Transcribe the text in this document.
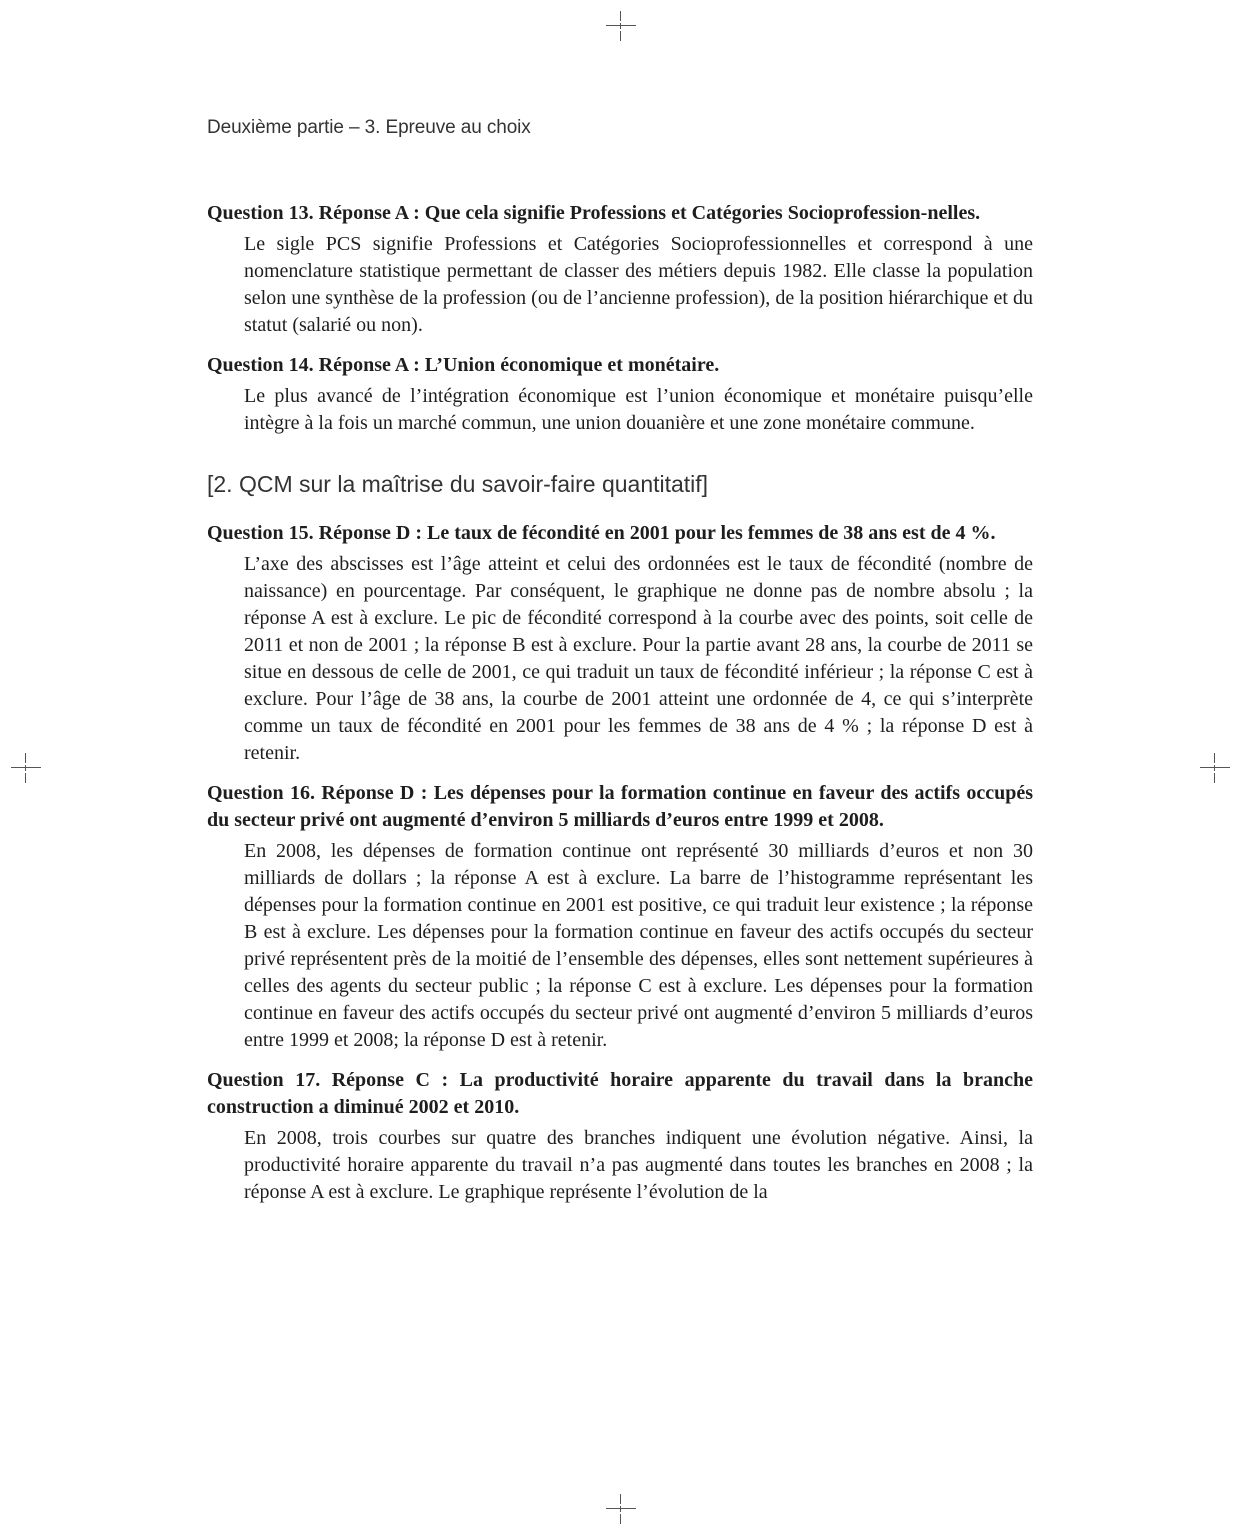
Deuxième partie – 3. Epreuve au choix

Question 13. Réponse A : Que cela signifie Professions et Catégories Socioprofession-nelles.

Le sigle PCS signifie Professions et Catégories Socioprofessionnelles et correspond à une nomenclature statistique permettant de classer des métiers depuis 1982. Elle classe la population selon une synthèse de la profession (ou de l’ancienne profession), de la position hiérarchique et du statut (salarié ou non).

Question 14. Réponse A : L’Union économique et monétaire.

Le plus avancé de l’intégration économique est l’union économique et monétaire puisqu’elle intègre à la fois un marché commun, une union douanière et une zone monétaire commune.

[2. QCM sur la maîtrise du savoir-faire quantitatif]

Question 15. Réponse D : Le taux de fécondité en 2001 pour les femmes de 38 ans est de 4 %.

L’axe des abscisses est l’âge atteint et celui des ordonnées est le taux de fécondité (nombre de naissance) en pourcentage. Par conséquent, le graphique ne donne pas de nombre absolu ; la réponse A est à exclure. Le pic de fécondité correspond à la courbe avec des points, soit celle de 2011 et non de 2001 ; la réponse B est à exclure. Pour la partie avant 28 ans, la courbe de 2011 se situe en dessous de celle de 2001, ce qui traduit un taux de fécondité inférieur ; la réponse C est à exclure. Pour l’âge de 38 ans, la courbe de 2001 atteint une ordonnée de 4, ce qui s’interprète comme un taux de fécondité en 2001 pour les femmes de 38 ans de 4 % ; la réponse D est à retenir.

Question 16. Réponse D : Les dépenses pour la formation continue en faveur des actifs occupés du secteur privé ont augmenté d’environ 5 milliards d’euros entre 1999 et 2008.

En 2008, les dépenses de formation continue ont représenté 30 milliards d’euros et non 30 milliards de dollars ; la réponse A est à exclure. La barre de l’histogramme représentant les dépenses pour la formation continue en 2001 est positive, ce qui traduit leur existence ; la réponse B est à exclure. Les dépenses pour la formation continue en faveur des actifs occupés du secteur privé représentent près de la moitié de l’ensemble des dépenses, elles sont nettement supérieures à celles des agents du secteur public ; la réponse C est à exclure. Les dépenses pour la formation continue en faveur des actifs occupés du secteur privé ont augmenté d’environ 5 milliards d’euros entre 1999 et 2008; la réponse D est à retenir.

Question 17. Réponse C : La productivité horaire apparente du travail dans la branche construction a diminué 2002 et 2010.

En 2008, trois courbes sur quatre des branches indiquent une évolution négative. Ainsi, la productivité horaire apparente du travail n’a pas augmenté dans toutes les branches en 2008 ; la réponse A est à exclure. Le graphique représente l’évolution de la
